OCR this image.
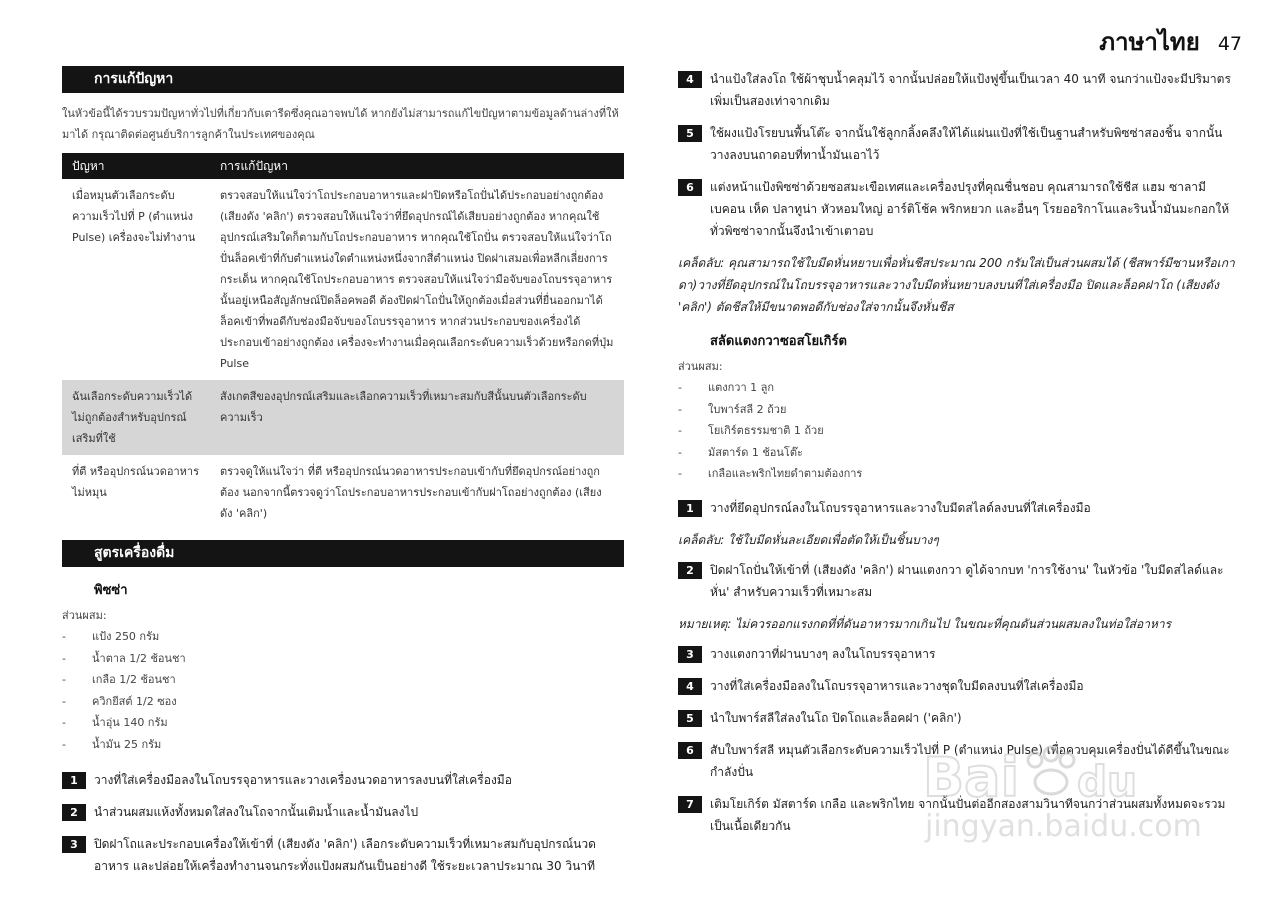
ภาษาไทย 47
การแก้ปัญหา
ในหัวข้อนี้ได้รวบรวมปัญหาทั่วไปที่เกี่ยวกับเตารีดซึ่งคุณอาจพบได้ หากยังไม่สามารถแก้ไขปัญหาตามข้อมูลด้านล่างที่ให้มาได้ กรุณาติดต่อศูนย์บริการลูกค้าในประเทศของคุณ
ปัญหา	การแก้ปัญหา
เมื่อหมุนตัวเลือกระดับความเร็วไปที่ P (ตำแหน่ง Pulse) เครื่องจะไม่ทำงาน	ตรวจสอบให้แน่ใจว่าโถประกอบอาหารและฝาปิดหรือโถปั่นได้ประกอบอย่างถูกต้อง (เสียงดัง 'คลิก') ตรวจสอบให้แน่ใจว่าที่ยึดอุปกรณ์ได้เสียบอย่างถูกต้อง หากคุณใช้อุปกรณ์เสริมใดก็ตามกับโถประกอบอาหาร หากคุณใช้โถปั่น ตรวจสอบให้แน่ใจว่าโถปั่นล็อคเข้าที่กับตำแหน่งใดตำแหน่งหนึ่งจากสี่ตำแหน่ง ปิดฝาเสมอเพื่อหลีกเลี่ยงการกระเด็น หากคุณใช้โถประกอบอาหาร ตรวจสอบให้แน่ใจว่ามือจับของโถบรรจุอาหารนั้นอยู่เหนือสัญลักษณ์ปิดล็อคพอดี ต้องปิดฝาโถปั่นให้ถูกต้องเมื่อส่วนที่ยื่นออกมาได้ล็อคเข้าที่พอดีกับช่องมือจับของโถบรรจุอาหาร หากส่วนประกอบของเครื่องได้ประกอบเข้าอย่างถูกต้อง เครื่องจะทำงานเมื่อคุณเลือกระดับความเร็วด้วยหรือกดที่ปุ่ม Pulse
ฉันเลือกระดับความเร็วได้ไม่ถูกต้องสำหรับอุปกรณ์เสริมที่ใช้	สังเกตสีของอุปกรณ์เสริมและเลือกความเร็วที่เหมาะสมกับสีนั้นบนตัวเลือกระดับความเร็ว
ที่ตี หรืออุปกรณ์นวดอาหารไม่หมุน	ตรวจดูให้แน่ใจว่า ที่ตี หรืออุปกรณ์นวดอาหารประกอบเข้ากับที่ยึดอุปกรณ์อย่างถูกต้อง นอกจากนี้ตรวจดูว่าโถประกอบอาหารประกอบเข้ากับฝาโถอย่างถูกต้อง (เสียงดัง 'คลิก')
สูตรเครื่องดื่ม
พิซซ่า
ส่วนผสม:
-	แป้ง 250 กรัม
-	น้ำตาล 1/2 ช้อนชา
-	เกลือ 1/2 ช้อนชา
-	ควิกยีสต์ 1/2 ซอง
-	น้ำอุ่น 140 กรัม
-	น้ำมัน 25 กรัม
1	วางที่ใส่เครื่องมือลงในโถบรรจุอาหารและวางเครื่องนวดอาหารลงบนที่ใส่เครื่องมือ
2	นำส่วนผสมแห้งทั้งหมดใส่ลงในโถจากนั้นเติมน้ำและน้ำมันลงไป
3	ปิดฝาโถและประกอบเครื่องให้เข้าที่ (เสียงดัง 'คลิก') เลือกระดับความเร็วที่เหมาะสมกับอุปกรณ์นวดอาหาร และปล่อยให้เครื่องทำงานจนกระทั่งแป้งผสมกันเป็นอย่างดี ใช้ระยะเวลาประมาณ 30 วินาที
4	นำแป้งใส่ลงโถ ใช้ผ้าชุบน้ำคลุมไว้ จากนั้นปล่อยให้แป้งฟูขึ้นเป็นเวลา 40 นาที จนกว่าแป้งจะมีปริมาตรเพิ่มเป็นสองเท่าจากเดิม
5	ใช้ผงแป้งโรยบนพื้นโต๊ะ จากนั้นใช้ลูกกลิ้งคลึงให้ได้แผ่นแป้งที่ใช้เป็นฐานสำหรับพิซซ่าสองชิ้น จากนั้นวางลงบนถาดอบที่ทาน้ำมันเอาไว้
6	แต่งหน้าแป้งพิซซ่าด้วยซอสมะเขือเทศและเครื่องปรุงที่คุณชื่นชอบ คุณสามารถใช้ชีส แฮม ซาลามี เบคอน เห็ด ปลาทูน่า หัวหอมใหญ่ อาร์ติโช้ค พริกหยวก และอื่นๆ โรยออริกาโนและรินน้ำมันมะกอกให้ทั่วพิซซ่าจากนั้นจึงนำเข้าเตาอบ
เคล็ดลับ: คุณสามารถใช้ใบมีดหั่นหยาบเพื่อหั่นชีสประมาณ 200 กรัมใส่เป็นส่วนผสมได้ (ชีสพาร์มีซานหรือเกาดา)วางที่ยึดอุปกรณ์ในโถบรรจุอาหารและวางใบมีดหั่นหยาบลงบนที่ใส่เครื่องมือ ปิดและล็อคฝาโถ (เสียงดัง 'คลิก') ตัดชีสให้มีขนาดพอดีกับช่องใส่จากนั้นจึงหั่นชีส
สลัดแตงกวาซอสโยเกิร์ต
ส่วนผสม:
-	แตงกวา 1 ลูก
-	ใบพาร์สลี 2 ถ้วย
-	โยเกิร์ตธรรมชาติ 1 ถ้วย
-	มัสตาร์ด 1 ช้อนโต๊ะ
-	เกลือและพริกไทยดำตามต้องการ
1	วางที่ยึดอุปกรณ์ลงในโถบรรจุอาหารและวางใบมีดสไลด์ลงบนที่ใส่เครื่องมือ
เคล็ดลับ: ใช้ใบมีดหั่นละเอียดเพื่อตัดให้เป็นชิ้นบางๆ
2	ปิดฝาโถปั่นให้เข้าที่ (เสียงดัง 'คลิก') ฝานแตงกวา ดูได้จากบท 'การใช้งาน' ในหัวข้อ 'ใบมีดสไลด์และหั่น' สำหรับความเร็วที่เหมาะสม
หมายเหตุ: ไม่ควรออกแรงกดที่ที่ดันอาหารมากเกินไป ในขณะที่คุณดันส่วนผสมลงในท่อใส่อาหาร
3	วางแตงกวาที่ฝานบางๆ ลงในโถบรรจุอาหาร
4	วางที่ใส่เครื่องมือลงในโถบรรจุอาหารและวางชุดใบมีดลงบนที่ใส่เครื่องมือ
5	นำใบพาร์สลีใส่ลงในโถ ปิดโถและล็อคฝา ('คลิก')
6	สับใบพาร์สลี หมุนตัวเลือกระดับความเร็วไปที่ P (ตำแหน่ง Pulse) เพื่อควบคุมเครื่องปั่นได้ดีขึ้นในขณะกำลังปั่น
7	เติมโยเกิร์ต มัสตาร์ด เกลือ และพริกไทย จากนั้นปั่นต่ออีกสองสามวินาทีจนกว่าส่วนผสมทั้งหมดจะรวมเป็นเนื้อเดียวกัน
Bai du
jingyan.baidu.com
